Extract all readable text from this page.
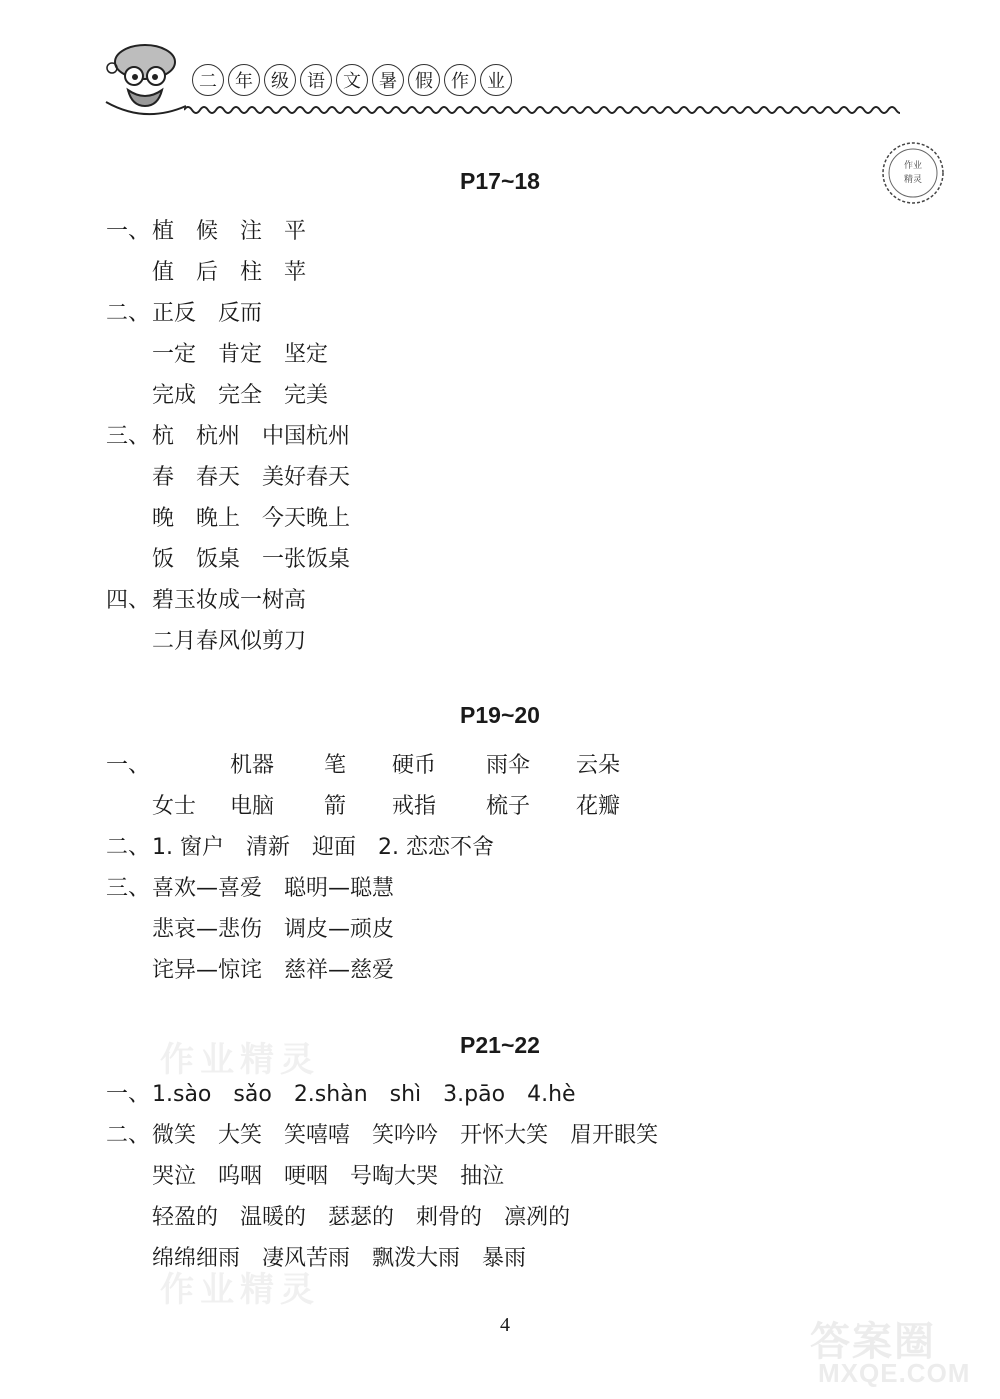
二	年	级	语	文	暑	假	作	业
作业
精灵
P17~18
一、植 候 注 平
值 后 柱 苹
二、正反 反而
一定 肯定 坚定
完成 完全 完美
三、杭 杭州 中国杭州
春 春天 美好春天
晚 晚上 今天晚上
饭 饭桌 一张饭桌
四、碧玉妆成一树高
二月春风似剪刀
P19~20
一、	机器 笔 硬币 雨伞 云朵
女士 电脑 箭 戒指 梳子 花瓣
二、1. 窗户 清新 迎面 2. 恋恋不舍
三、喜欢—喜爱 聪明—聪慧
悲哀—悲伤 调皮—顽皮
诧异—惊诧 慈祥—慈爱
P21~22
一、1.sào sǎo 2.shàn shì 3.pāo 4.hè
二、微笑 大笑 笑嘻嘻 笑吟吟 开怀大笑 眉开眼笑
哭泣 呜咽 哽咽 号啕大哭 抽泣
轻盈的 温暖的 瑟瑟的 刺骨的 凛冽的
绵绵细雨 凄风苦雨 飘泼大雨 暴雨
作业精灵
作业精灵
4	答案圈
MXQE.COM
